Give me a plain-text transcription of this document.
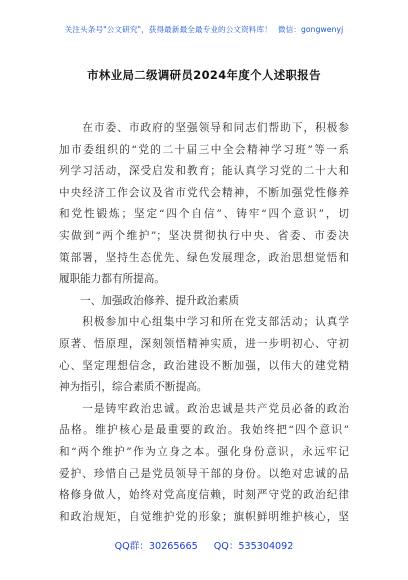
关注头条号"公文研究"，获得最新最全最专业的公文资料库！ 微信：gongwenyj
市林业局二级调研员2024年度个人述职报告
　　在市委、市政府的坚强领导和同志们帮助下，积极参
加市委组织的“党的二十届三中全会精神学习班”等一系
列学习活动，深受启发和教育；能认真学习党的二十大和
中央经济工作会议及省市党代会精神，不断加强党性修养
和党性锻炼；坚定“四个自信”、铸牢“四个意识”，切
实做到“两个维护”；坚决贯彻执行中央、省委、市委决
策部署，坚持生态优先、绿色发展理念，政治思想觉悟和
履职能力都有所提高。
　　一、加强政治修养、提升政治素质
　　积极参加中心组集中学习和所在党支部活动；认真学
原著、悟原理，深刻领悟精神实质，进一步明初心、守初
心、坚定理想信念，政治建设不断加强，以伟大的建党精
神为指引，综合素质不断提高。
　　一是铸牢政治忠诚。政治忠诚是共产党员必备的政治
品格。维护核心是最重要的政治。我始终把“四个意识”
和“两个维护”作为立身之本。强化身份意识，永远牢记
爱护、珍惜自己是党员领导干部的身份。以绝对忠诚的品
格修身做人，始终对党高度信赖，时刻严守党的政治纪律
和政治规矩，自觉维护党的形象；旗帜鲜明维护核心，坚
QQ群：30265665 QQ：535304092
